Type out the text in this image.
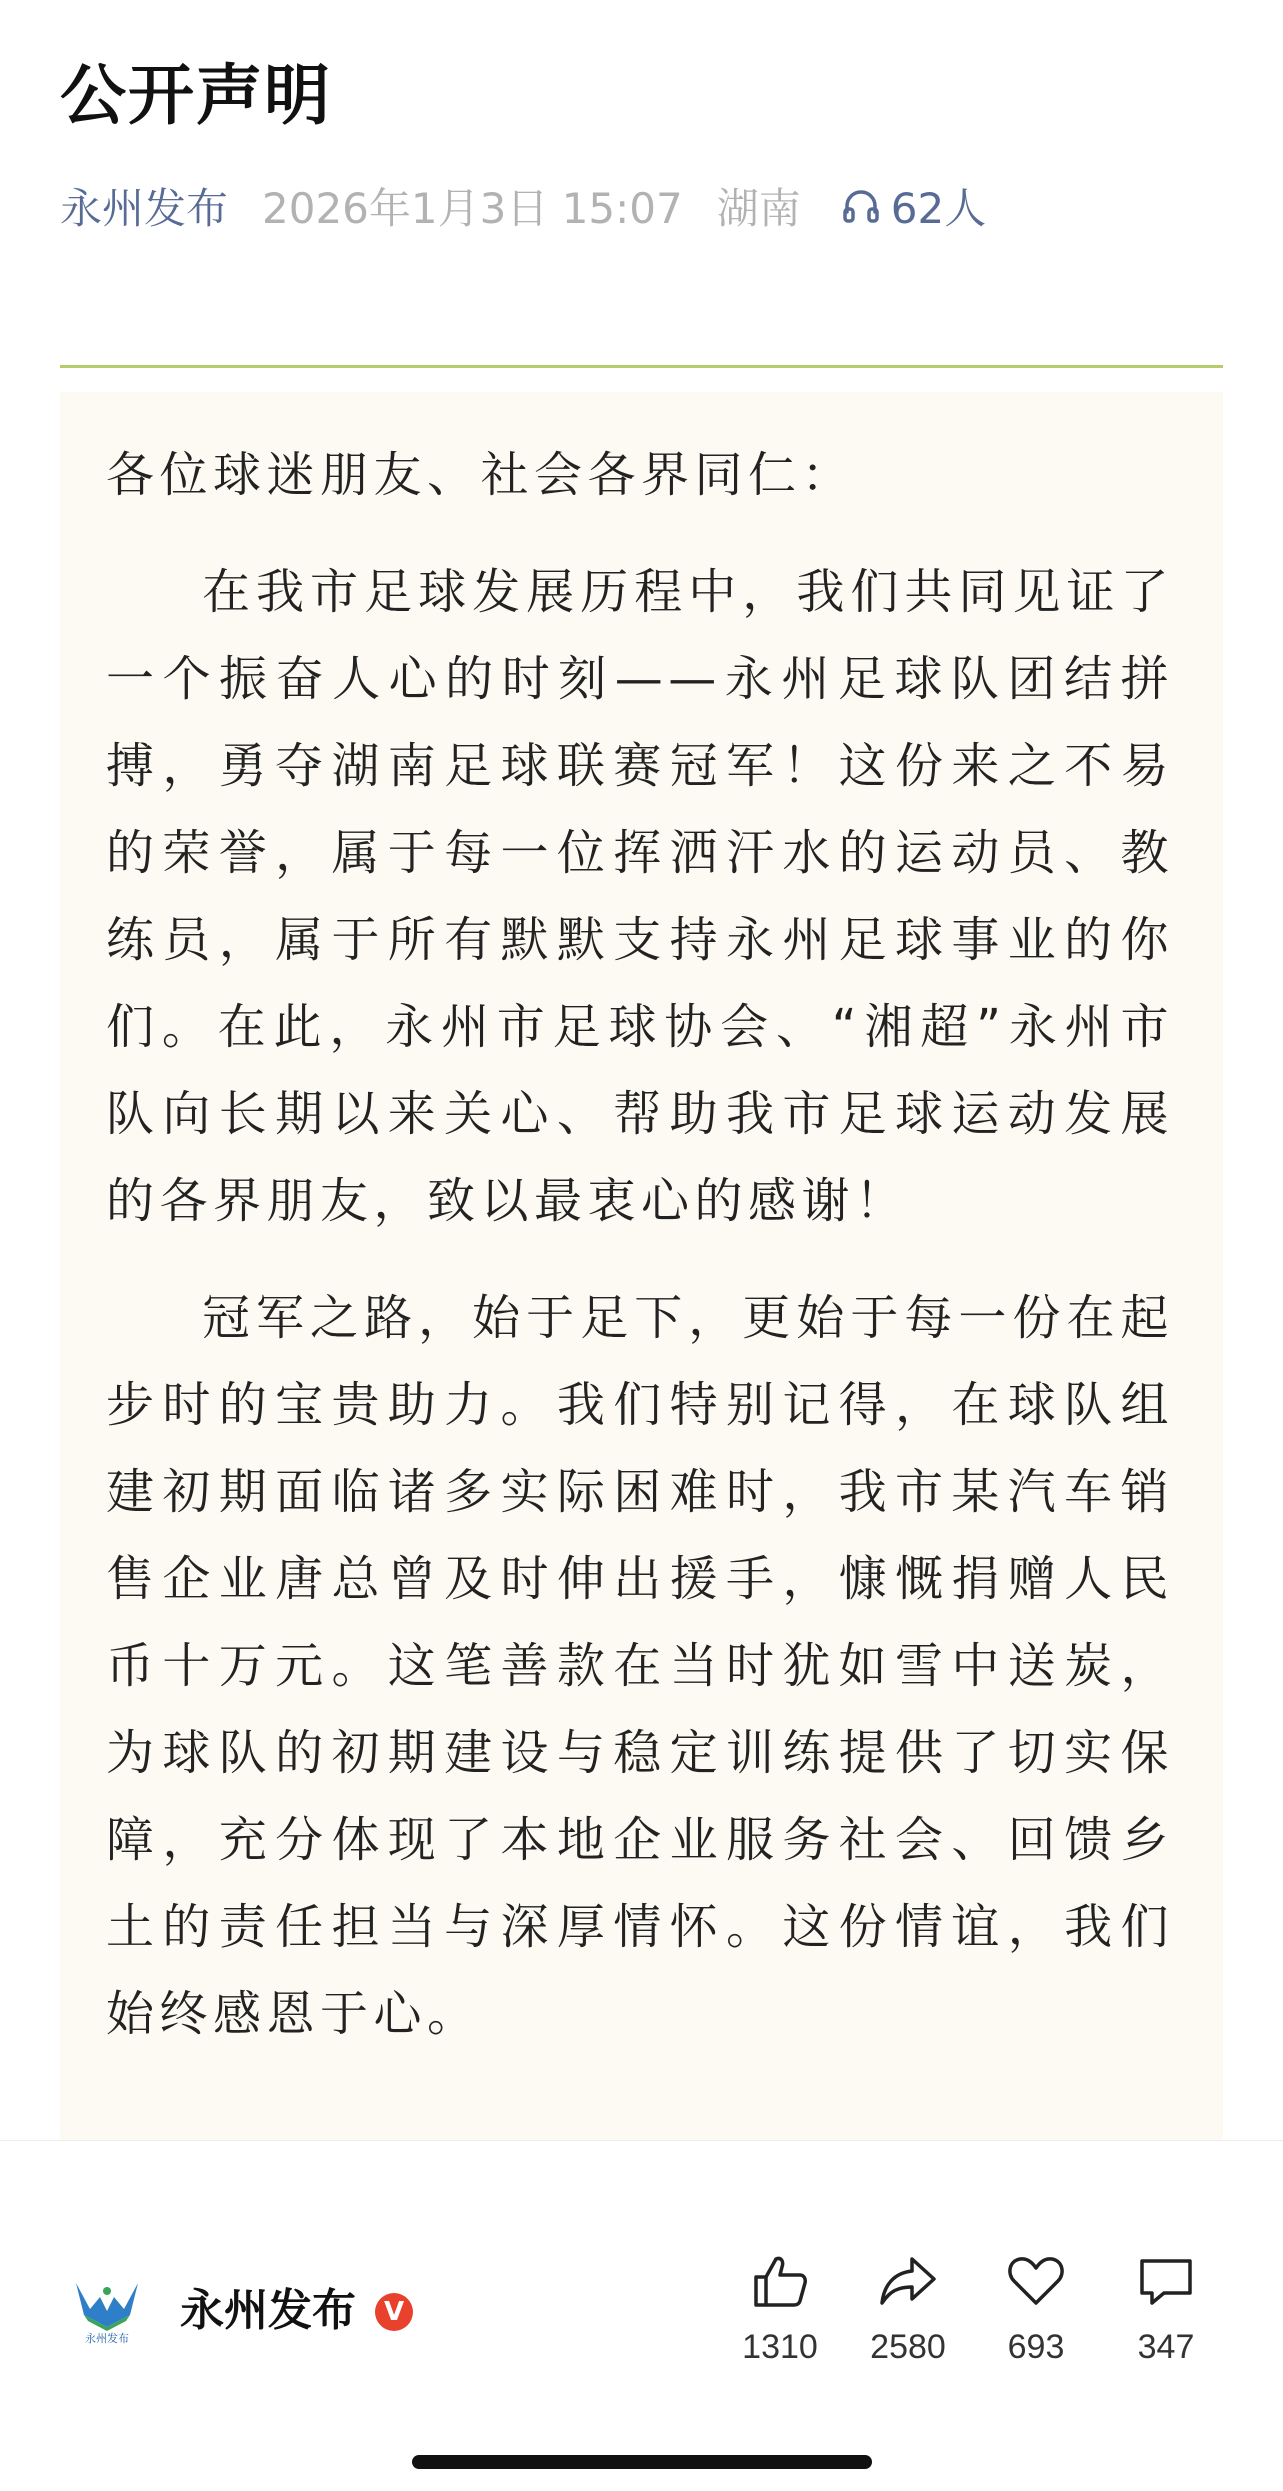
公开声明
永州发布 2026年1月3日 15:07 湖南 62人

各位球迷朋友、社会各界同仁：

在我市足球发展历程中，我们共同见证了一个振奋人心的时刻——永州足球队团结拼搏，勇夺湖南足球联赛冠军！这份来之不易的荣誉，属于每一位挥洒汗水的运动员、教练员，属于所有默默支持永州足球事业的你们。在此，永州市足球协会、“湘超”永州市队向长期以来关心、帮助我市足球运动发展的各界朋友，致以最衷心的感谢！

冠军之路，始于足下，更始于每一份在起步时的宝贵助力。我们特别记得，在球队组建初期面临诸多实际困难时，我市某汽车销售企业唐总曾及时伸出援手，慷慨捐赠人民币十万元。这笔善款在当时犹如雪中送炭，为球队的初期建设与稳定训练提供了切实保障，充分体现了本地企业服务社会、回馈乡土的责任担当与深厚情怀。这份情谊，我们始终感恩于心。

永州发布
永州发布	V
1310	2580	693	347
